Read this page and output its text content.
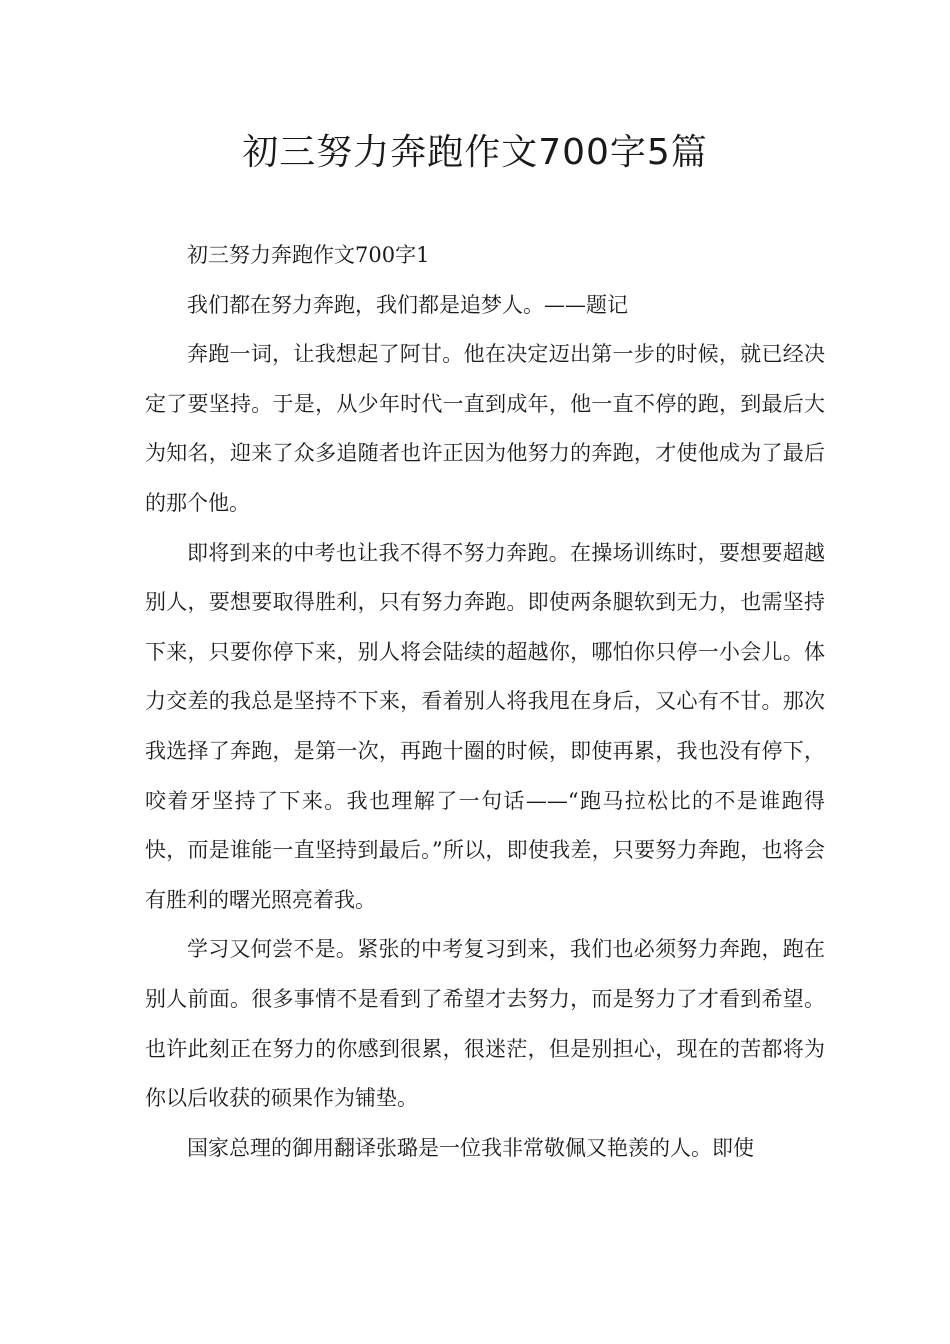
初三努力奔跑作文700字5篇

初三努力奔跑作文700字1

我们都在努力奔跑，我们都是追梦人。——题记

奔跑一词，让我想起了阿甘。他在决定迈出第一步的时候，就已经决定了要坚持。于是，从少年时代一直到成年，他一直不停的跑，到最后大为知名，迎来了众多追随者也许正因为他努力的奔跑，才使他成为了最后的那个他。

即将到来的中考也让我不得不努力奔跑。在操场训练时，要想要超越别人，要想要取得胜利，只有努力奔跑。即使两条腿软到无力，也需坚持下来，只要你停下来，别人将会陆续的超越你，哪怕你只停一小会儿。体力交差的我总是坚持不下来，看着别人将我甩在身后，又心有不甘。那次我选择了奔跑，是第一次，再跑十圈的时候，即使再累，我也没有停下，咬着牙坚持了下来。我也理解了一句话——“跑马拉松比的不是谁跑得快，而是谁能一直坚持到最后。”所以，即使我差，只要努力奔跑，也将会有胜利的曙光照亮着我。

学习又何尝不是。紧张的中考复习到来，我们也必须努力奔跑，跑在别人前面。很多事情不是看到了希望才去努力，而是努力了才看到希望。也许此刻正在努力的你感到很累，很迷茫，但是别担心，现在的苦都将为你以后收获的硕果作为铺垫。

国家总理的御用翻译张璐是一位我非常敬佩又艳羡的人。即使
